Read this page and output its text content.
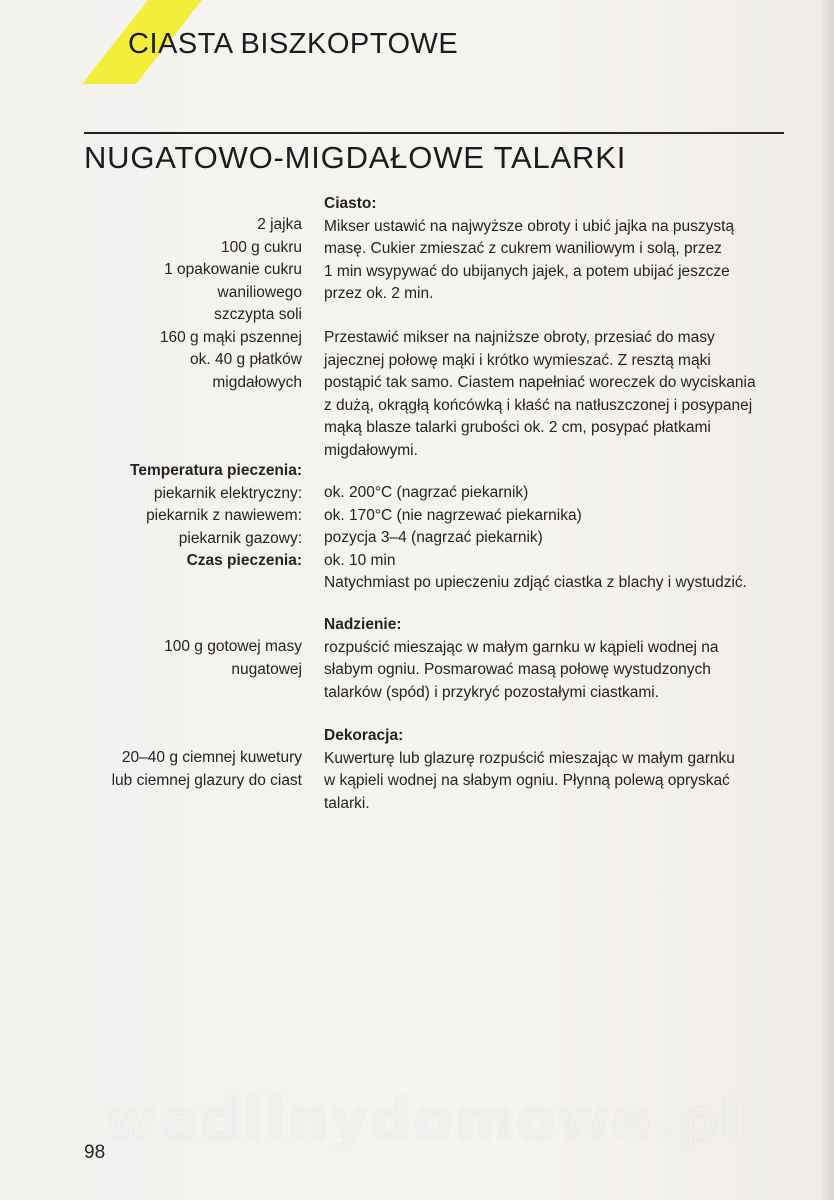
CIASTA BISZKOPTOWE
NUGATOWO-MIGDAŁOWE TALARKI
2 jajka
100 g cukru
1 opakowanie cukru
waniliowego
szczypta soli
160 g mąki pszennej
ok. 40 g płatków
migdałowych
Ciasto:
Mikser ustawić na najwyższe obroty i ubić jajka na puszystą
masę. Cukier zmieszać z cukrem waniliowym i solą, przez
1 min wsypywać do ubijanych jajek, a potem ubijać jeszcze
przez ok. 2 min.
Przestawić mikser na najniższe obroty, przesiać do masy
jajecznej połowę mąki i krótko wymieszać. Z resztą mąki
postąpić tak samo. Ciastem napełniać woreczek do wyciskania
z dużą, okrągłą końcówką i kłaść na natłuszczonej i posypanej
mąką blasze talarki grubości ok. 2 cm, posypać płatkami
migdałowymi.
Temperatura pieczenia:
piekarnik elektryczny:
piekarnik z nawiewem:
piekarnik gazowy:
Czas pieczenia:
ok. 200°C (nagrzać piekarnik)
ok. 170°C (nie nagrzewać piekarnika)
pozycja 3–4 (nagrzać piekarnik)
ok. 10 min
Natychmiast po upieczeniu zdjąć ciastka z blachy i wystudzić.
100 g gotowej masy
nugatowej
Nadzienie:
rozpuścić mieszając w małym garnku w kąpieli wodnej na
słabym ogniu. Posmarować masą połowę wystudzonych
talarków (spód) i przykryć pozostałymi ciastkami.
20–40 g ciemnej kuwetury
lub ciemnej glazury do ciast
Dekoracja:
Kuwerturę lub glazurę rozpuścić mieszając w małym garnku
w kąpieli wodnej na słabym ogniu. Płynną polewą opryskać
talarki.
wedlinydomowe.pl
98
